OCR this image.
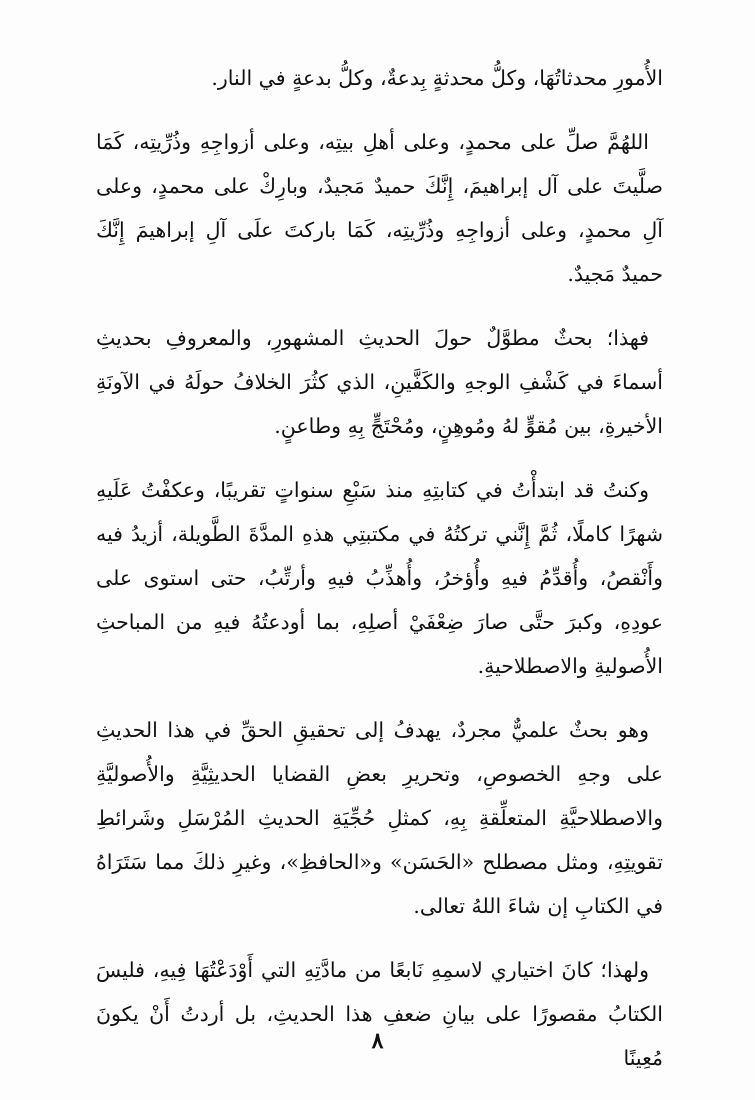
الأُمورِ محدثاتُهَا، وكلُّ محدثةٍ بِدعةٌ، وكلُّ بدعةٍ في النار.

اللهُمَّ صلِّ على محمدٍ، وعلى أهلِ بيتِه، وعلى أزواجِهِ وذُرِّيتِه، كَمَا صلَّيتَ على آل إبراهيمَ، إِنَّكَ حميدٌ مَجيدٌ، وبارِكْ على محمدٍ، وعلى آلِ محمدٍ، وعلى أزواجِهِ وذُرِّيتِه، كَمَا باركتَ علَى آلِ إبراهيمَ إِنَّكَ حميدٌ مَجيدٌ.

فهذا؛ بحثٌ مطوَّلٌ حولَ الحديثِ المشهورِ، والمعروفِ بحديثِ أسماءَ في كَشْفِ الوجهِ والكَفَّينِ، الذي كثُرَ الخلافُ حولَهُ في الآونَةِ الأخيرةِ، بين مُقوٍّ لهُ ومُوهِنٍ، ومُحْتَجٍّ بِهِ وطاعنٍ.

وكنتُ قد ابتدأْتُ في كتابتِهِ منذ سَبْعِ سنواتٍ تقريبًا، وعكفْتُ عَلَيهِ شهرًا كاملًا، ثُمَّ إِنَّني تركتُهُ في مكتبتِي هذهِ المدَّةَ الطَّويلة، أزيدُ فيه وأَنْقصُ، وأُقدِّمُ فيهِ وأُؤخرُ، وأُهذِّبُ فيهِ وأرتِّبُ، حتى استوى على عودِهِ، وكبرَ حتَّى صارَ ضِعْفَيْ أصلِهِ، بما أودعتُهُ فيهِ من المباحثِ الأُصوليةِ والاصطلاحيةِ.

وهو بحثٌ علميٌّ مجردٌ، يهدفُ إلى تحقيقِ الحقِّ في هذا الحديثِ على وجهِ الخصوصِ، وتحريرِ بعضِ القضايا الحديثِيَّةِ والأُصوليَّةِ والاصطلاحيَّةِ المتعلِّقةِ بِهِ، كمثلِ حُجِّيَةِ الحديثِ المُرْسَلِ وشَرائطِ تقويتِهِ، ومثل مصطلح «الحَسَن» و«الحافظِ»، وغيرِ ذلكَ مما سَتَرَاهُ في الكتابِ إن شاءَ اللهُ تعالى.

ولهذا؛ كانَ اختياري لاسمِهِ نَابعًا من مادَّتِهِ التي أَوْدَعْتُهَا فِيهِ، فليسَ الكتابُ مقصورًا على بيانِ ضعفِ هذا الحديثِ، بل أردتُ أَنْ يكونَ مُعِينًا

٨
